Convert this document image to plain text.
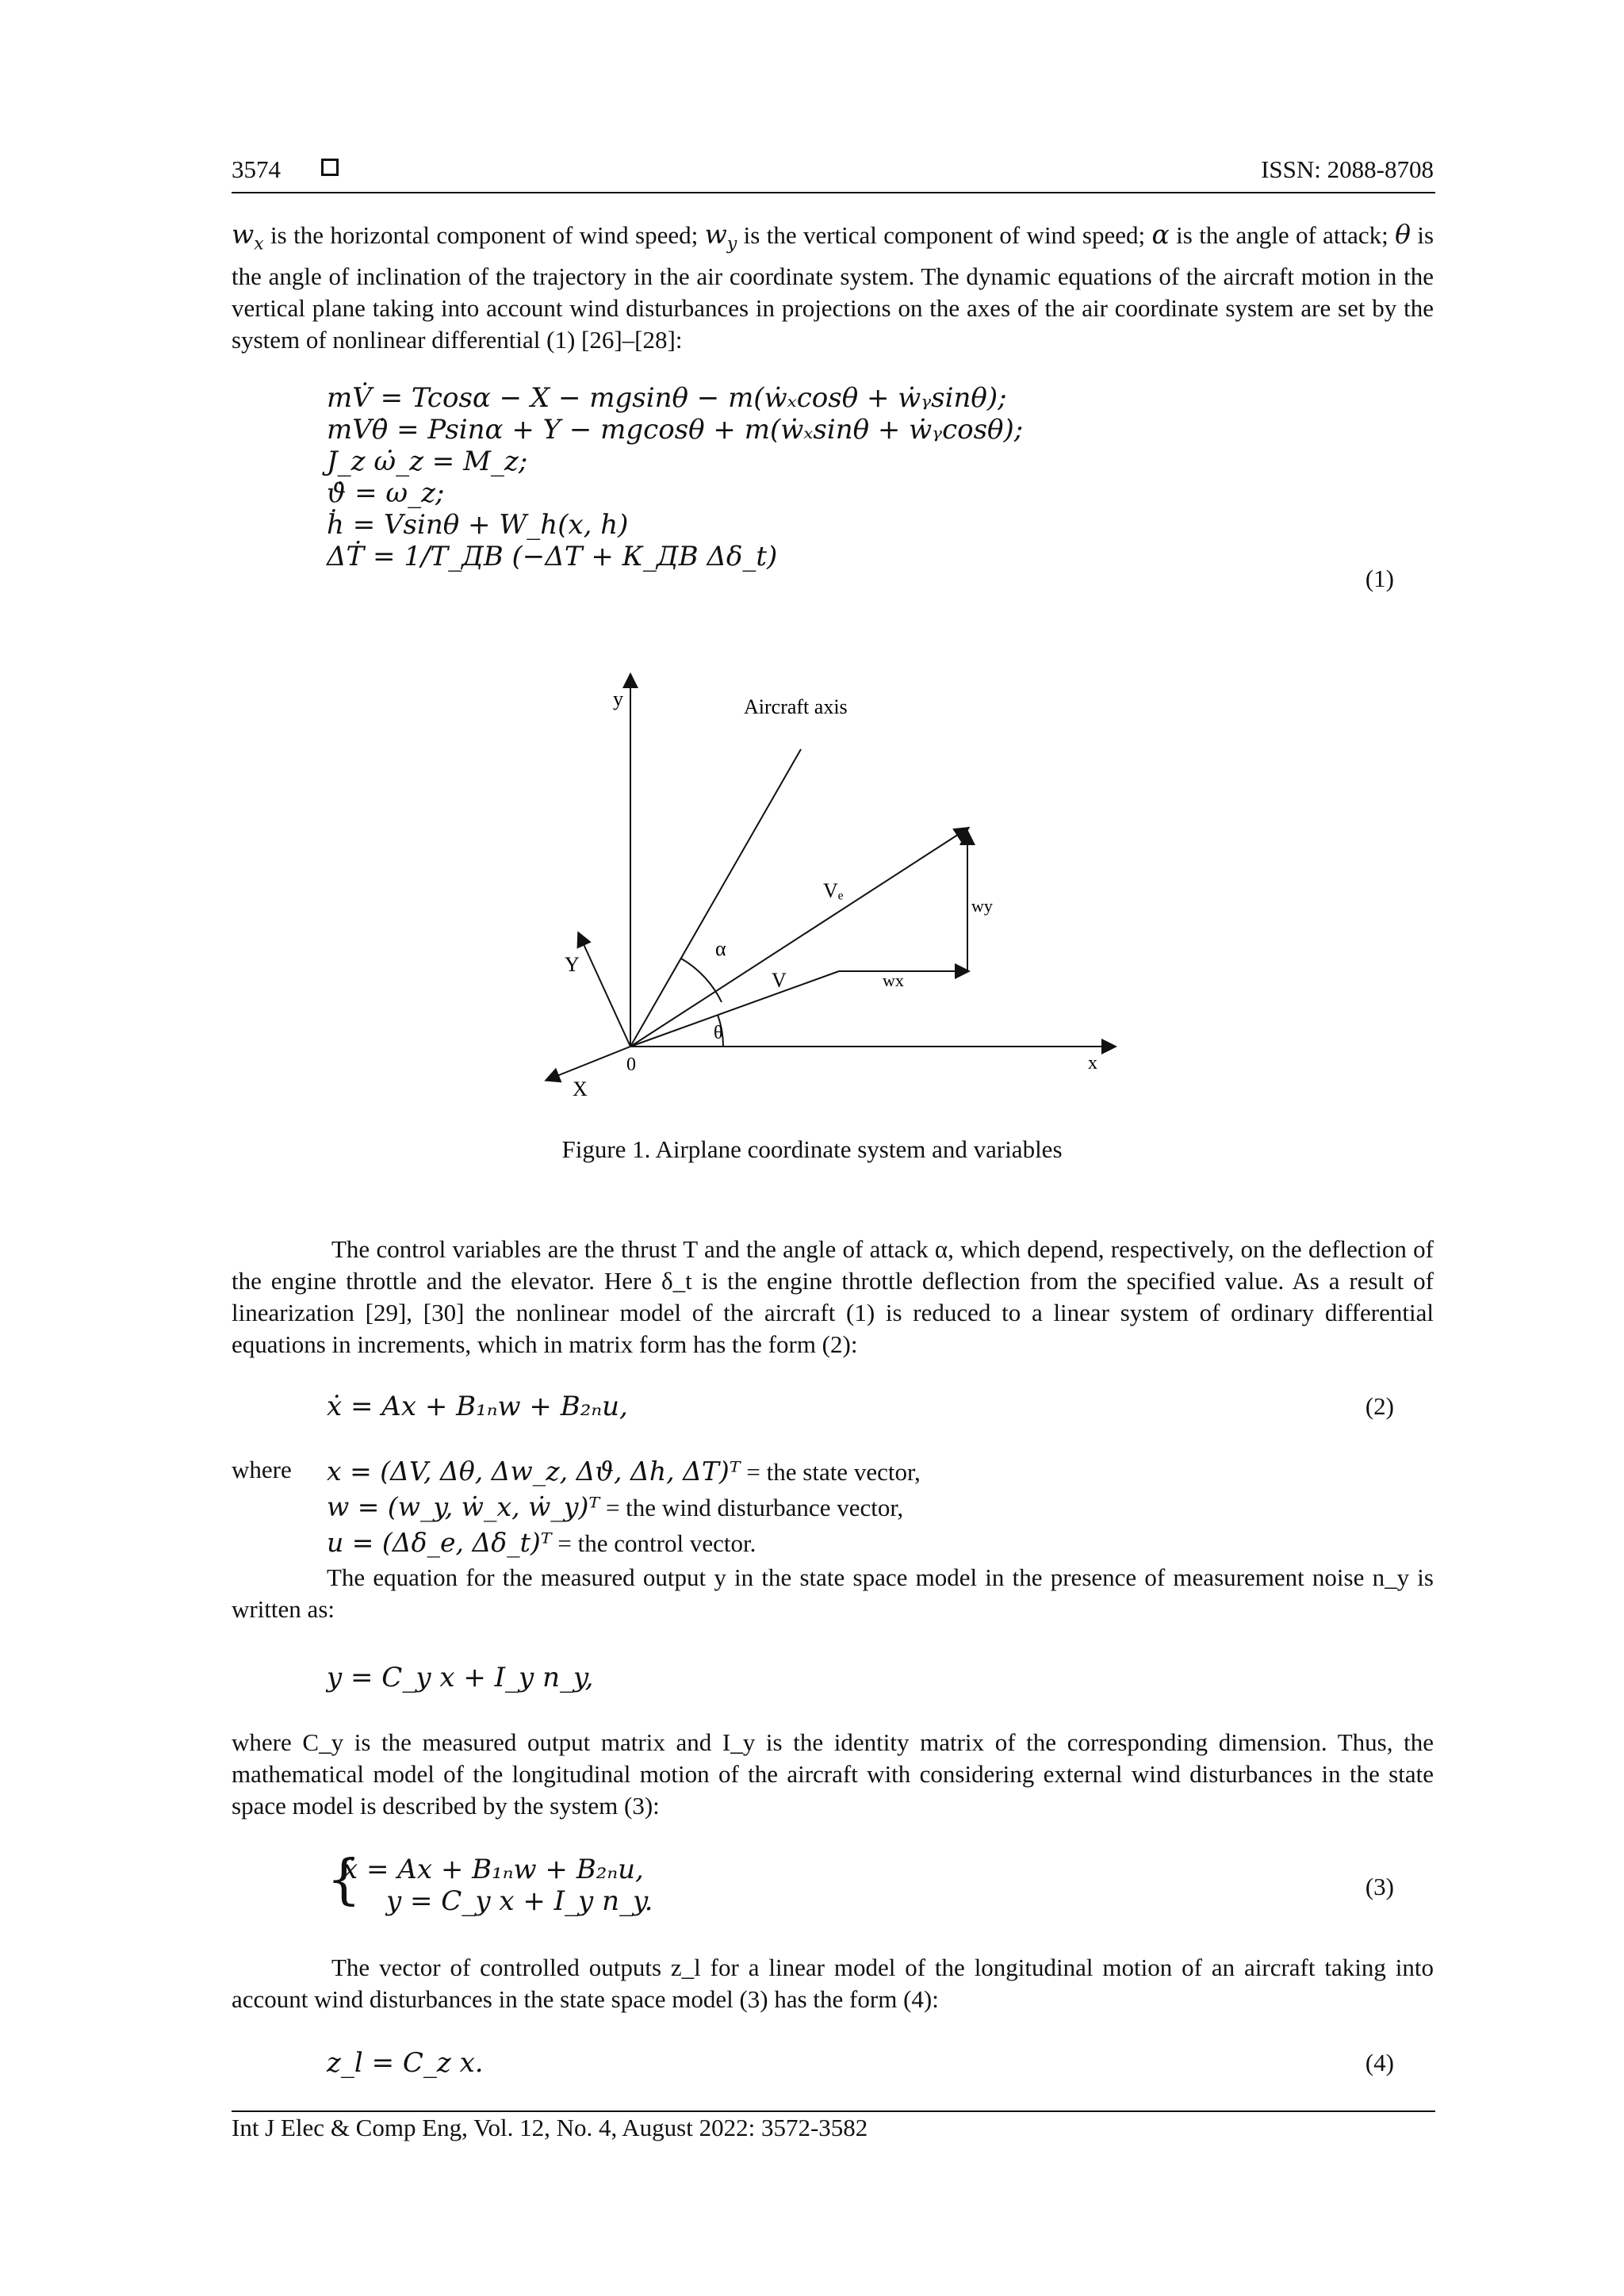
3574	ISSN: 2088-8708
$w_x$ is the horizontal component of wind speed; $w_y$ is the vertical component of wind speed; α is the angle of attack; θ is the angle of inclination of the trajectory in the air coordinate system. The dynamic equations of the aircraft motion in the vertical plane taking into account wind disturbances in projections on the axes of the air coordinate system are set by the system of nonlinear differential (1) [26]–[28]:
mV̇ = Tcosα − X − mgsinθ − m(ẇₓcosθ + ẇᵧsinθ);
mVθ̇ = Psinα + Y − mgcosθ + m(ẇₓsinθ + ẇᵧcosθ);
J_z ω̇_z = M_z;
ϑ̇ = ω_z;
ḣ = Vsinθ + W_h(x, h)
ΔṪ = 1/Т_ДВ (−ΔT + К_ДВ Δδ_t)
(1)
y	Aircraft axis
Vₑ
wy
α
Y
V	wx
θ
0	x
X
Figure 1. Airplane coordinate system and variables
The control variables are the thrust T and the angle of attack α, which depend, respectively, on the deflection of the engine throttle and the elevator. Here δ_t is the engine throttle deflection from the specified value. As a result of linearization [29], [30] the nonlinear model of the aircraft (1) is reduced to a linear system of ordinary differential equations in increments, which in matrix form has the form (2):
ẋ = Ax + B₁ₙw + B₂ₙu,	(2)
where x = (ΔV, Δθ, Δw_z, Δϑ, Δh, ΔT)ᵀ = the state vector,
w = (w_y, ẇ_x, ẇ_y)ᵀ = the wind disturbance vector,
u = (Δδ_e, Δδ_t)ᵀ = the control vector.
The equation for the measured output y in the state space model in the presence of measurement noise n_y is written as:
y = C_y x + I_y n_y,
where C_y is the measured output matrix and I_y is the identity matrix of the corresponding dimension. Thus, the mathematical model of the longitudinal motion of the aircraft with considering external wind disturbances in the state space model is described by the system (3):
{
ẋ = Ax + B₁ₙw + B₂ₙu,
y = C_y x + I_y n_y.	(3)
The vector of controlled outputs z_l for a linear model of the longitudinal motion of an aircraft taking into account wind disturbances in the state space model (3) has the form (4):
z_l = C_z x.	(4)
Int J Elec & Comp Eng, Vol. 12, No. 4, August 2022: 3572-3582
